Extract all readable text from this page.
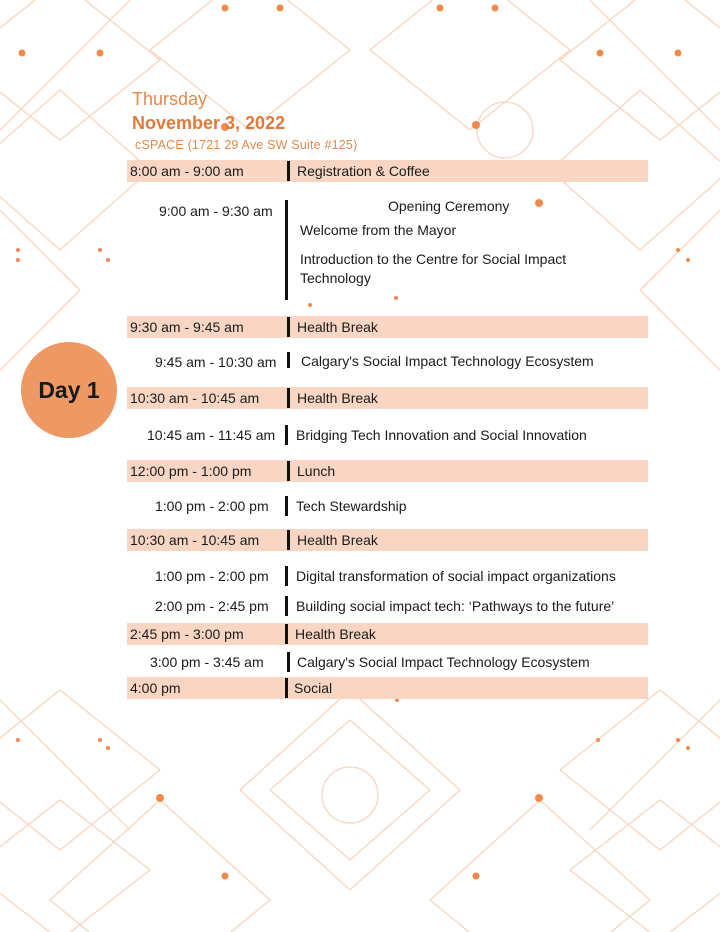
Thursday
November 3, 2022
cSPACE (1721 29 Ave SW Suite #125)
Day 1
8:00 am - 9:00 am	Registration & Coffee
9:00 am - 9:30 am	Opening Ceremony
Welcome from the Mayor
Introduction to the Centre for Social Impact
Technology
9:30 am - 9:45 am	Health Break
9:45 am - 10:30 am Calgary's Social Impact Technology Ecosystem
10:30 am - 10:45 am	Health Break
10:45 am - 11:45 am Bridging Tech Innovation and Social Innovation
12:00 pm - 1:00 pm	Lunch
1:00 pm - 2:00 pm Tech Stewardship
10:30 am - 10:45 am	Health Break
1:00 pm - 2:00 pm Digital transformation of social impact organizations
2:00 pm - 2:45 pm Building social impact tech: ‘Pathways to the future’
2:45 pm - 3:00 pm	Health Break
3:00 pm - 3:45 am Calgary's Social Impact Technology Ecosystem
4:00 pm	Social
